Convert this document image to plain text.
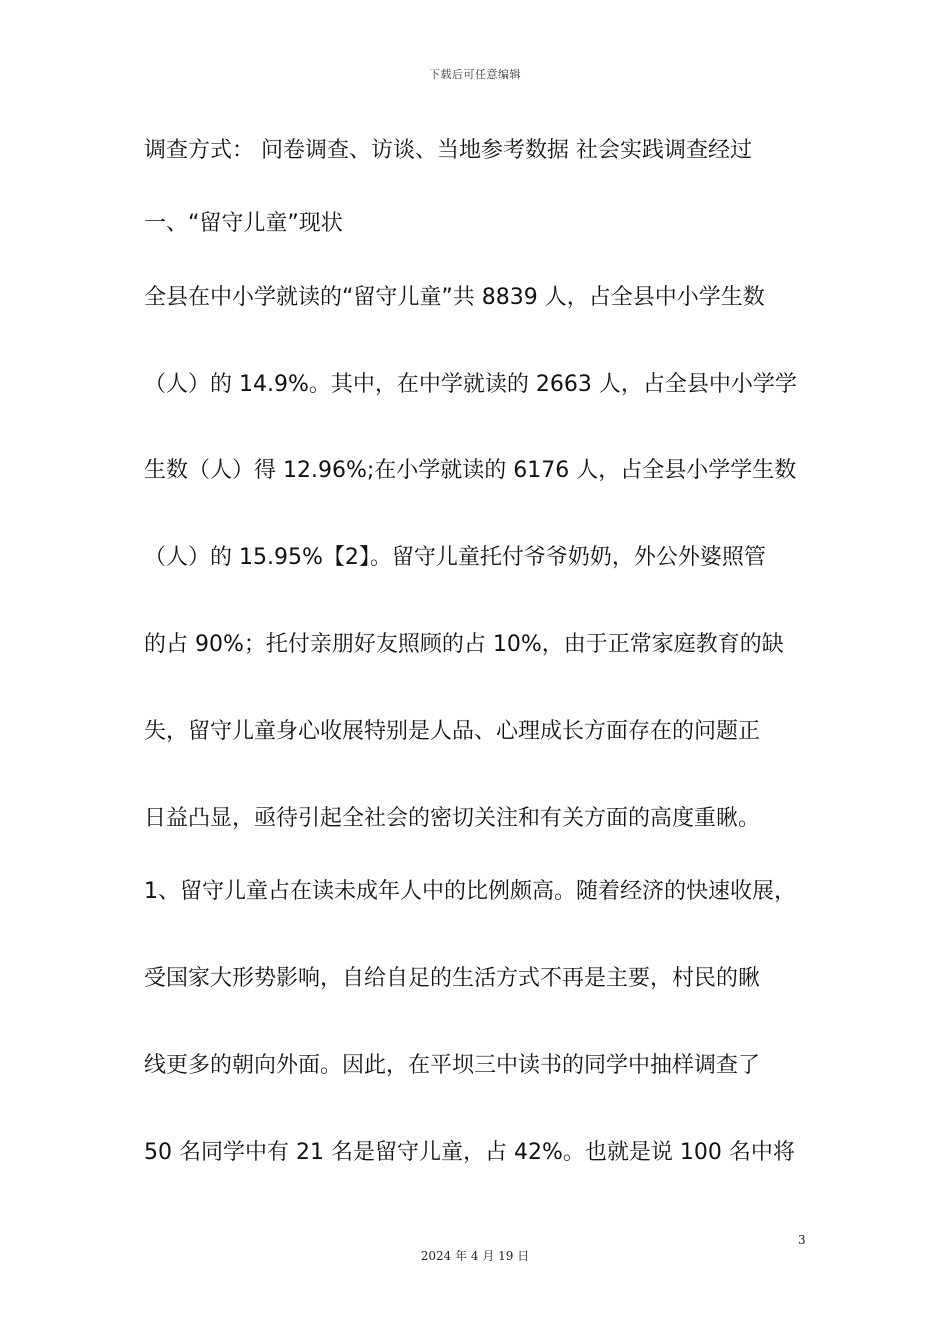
下载后可任意编辑
调查方式： 问卷调查、访谈、当地参考数据 社会实践调查经过
一、“留守儿童”现状
全县在中小学就读的“留守儿童”共 8839 人，占全县中小学生数
（人）的 14.9%。其中，在中学就读的 2663 人，占全县中小学学
生数（人）得 12.96%;在小学就读的 6176 人，占全县小学学生数
（人）的 15.95%【2】。留守儿童托付爷爷奶奶，外公外婆照管
的占 90%；托付亲朋好友照顾的占 10%，由于正常家庭教育的缺
失，留守儿童身心收展特别是人品、心理成长方面存在的问题正
日益凸显，亟待引起全社会的密切关注和有关方面的高度重瞅。
1、留守儿童占在读未成年人中的比例颇高。随着经济的快速收展，
受国家大形势影响，自给自足的生活方式不再是主要，村民的瞅
线更多的朝向外面。因此，在平坝三中读书的同学中抽样调查了
50 名同学中有 21 名是留守儿童，占 42%。也就是说 100 名中将
3
2024 年 4 月 19 日
